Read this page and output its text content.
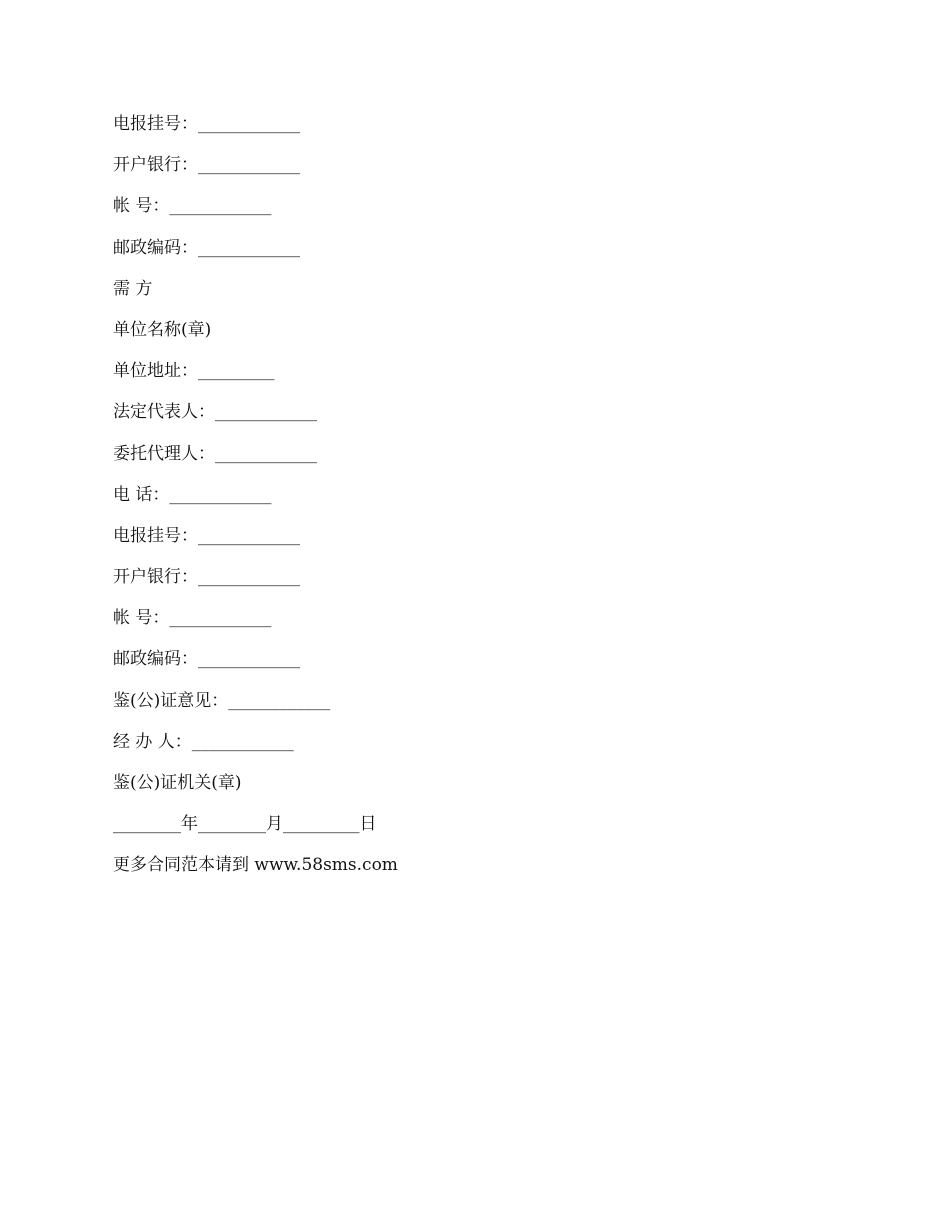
电报挂号：____________
开户银行：____________
帐 号：____________
邮政编码：____________
需 方
单位名称(章)
单位地址：_________
法定代表人：____________
委托代理人：____________
电 话：____________
电报挂号：____________
开户银行：____________
帐 号：____________
邮政编码：____________
鉴(公)证意见：____________
经 办 人：____________
鉴(公)证机关(章)
________年________月_________日
更多合同范本请到 www.58sms.com
